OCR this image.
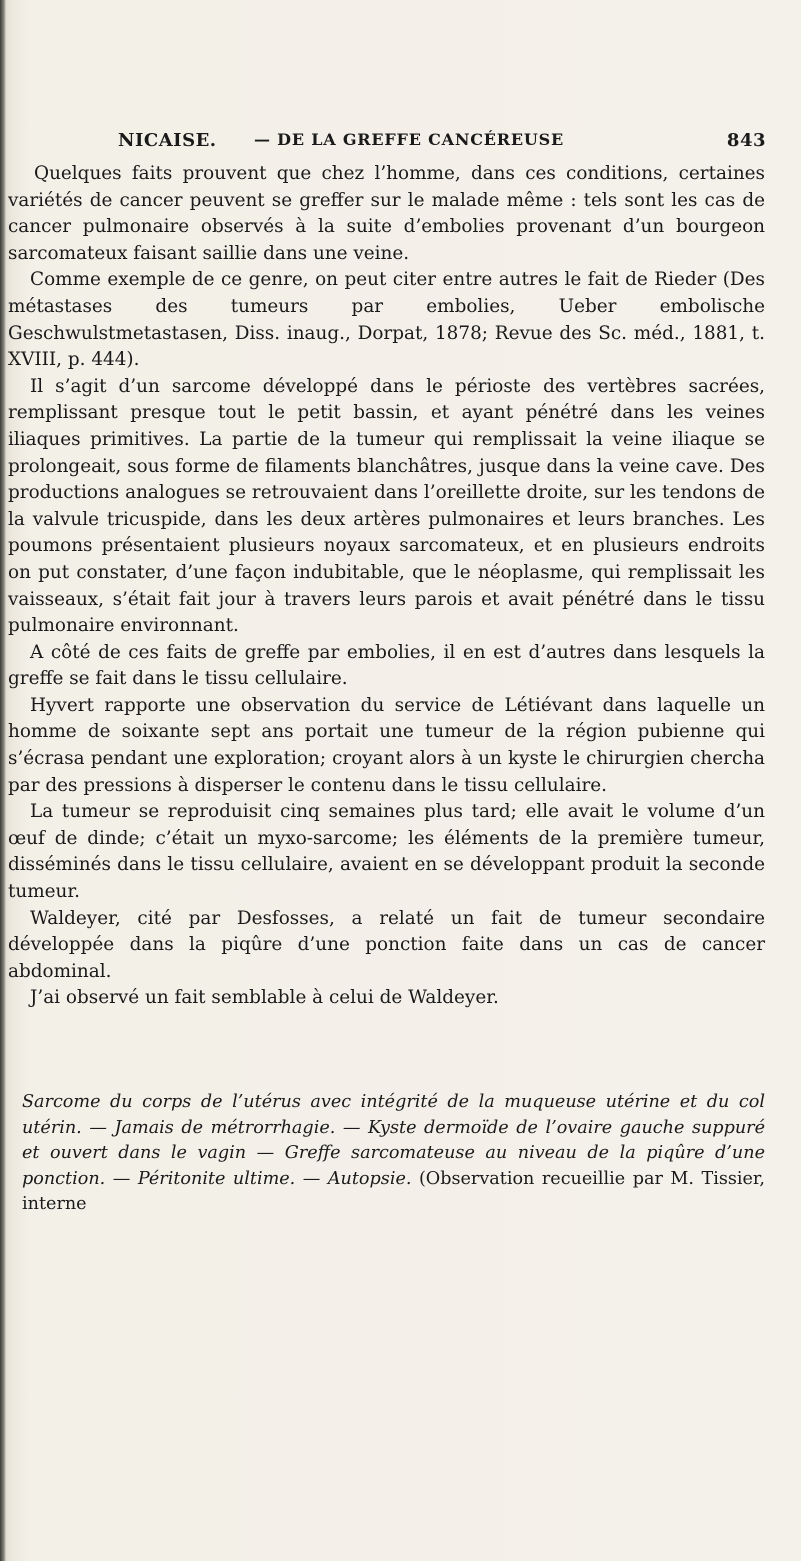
NICAISE. — DE LA GREFFE CANCÉREUSE	843

Quelques faits prouvent que chez l’homme, dans ces conditions, certaines variétés de cancer peuvent se greffer sur le malade même : tels sont les cas de cancer pulmonaire observés à la suite d’embolies provenant d’un bourgeon sarcomateux faisant saillie dans une veine.

Comme exemple de ce genre, on peut citer entre autres le fait de Rieder (Des métastases des tumeurs par embolies, Ueber embolische Geschwulstmetastasen, Diss. inaug., Dorpat, 1878; Revue des Sc. méd., 1881, t. XVIII, p. 444).

Il s’agit d’un sarcome développé dans le périoste des vertèbres sacrées, remplissant presque tout le petit bassin, et ayant pénétré dans les veines iliaques primitives. La partie de la tumeur qui remplissait la veine iliaque se prolongeait, sous forme de filaments blanchâtres, jusque dans la veine cave. Des productions analogues se retrouvaient dans l’oreillette droite, sur les tendons de la valvule tricuspide, dans les deux artères pulmonaires et leurs branches. Les poumons présentaient plusieurs noyaux sarcomateux, et en plusieurs endroits on put constater, d’une façon indubitable, que le néoplasme, qui remplissait les vaisseaux, s’était fait jour à travers leurs parois et avait pénétré dans le tissu pulmonaire environnant.

A côté de ces faits de greffe par embolies, il en est d’autres dans lesquels la greffe se fait dans le tissu cellulaire.

Hyvert rapporte une observation du service de Létiévant dans laquelle un homme de soixante sept ans portait une tumeur de la région pubienne qui s’écrasa pendant une exploration; croyant alors à un kyste le chirurgien chercha par des pressions à disperser le contenu dans le tissu cellulaire.

La tumeur se reproduisit cinq semaines plus tard; elle avait le volume d’un œuf de dinde; c’était un myxo-sarcome; les éléments de la première tumeur, disséminés dans le tissu cellulaire, avaient en se développant produit la seconde tumeur.

Waldeyer, cité par Desfosses, a relaté un fait de tumeur secondaire développée dans la piqûre d’une ponction faite dans un cas de cancer abdominal.

J’ai observé un fait semblable à celui de Waldeyer.

Sarcome du corps de l’utérus avec intégrité de la muqueuse utérine et du col utérin. — Jamais de métrorrhagie. — Kyste dermoïde de l’ovaire gauche suppuré et ouvert dans le vagin — Greffe sarcomateuse au niveau de la piqûre d’une ponction. — Péritonite ultime. — Autopsie. (Observation recueillie par M. Tissier, interne
